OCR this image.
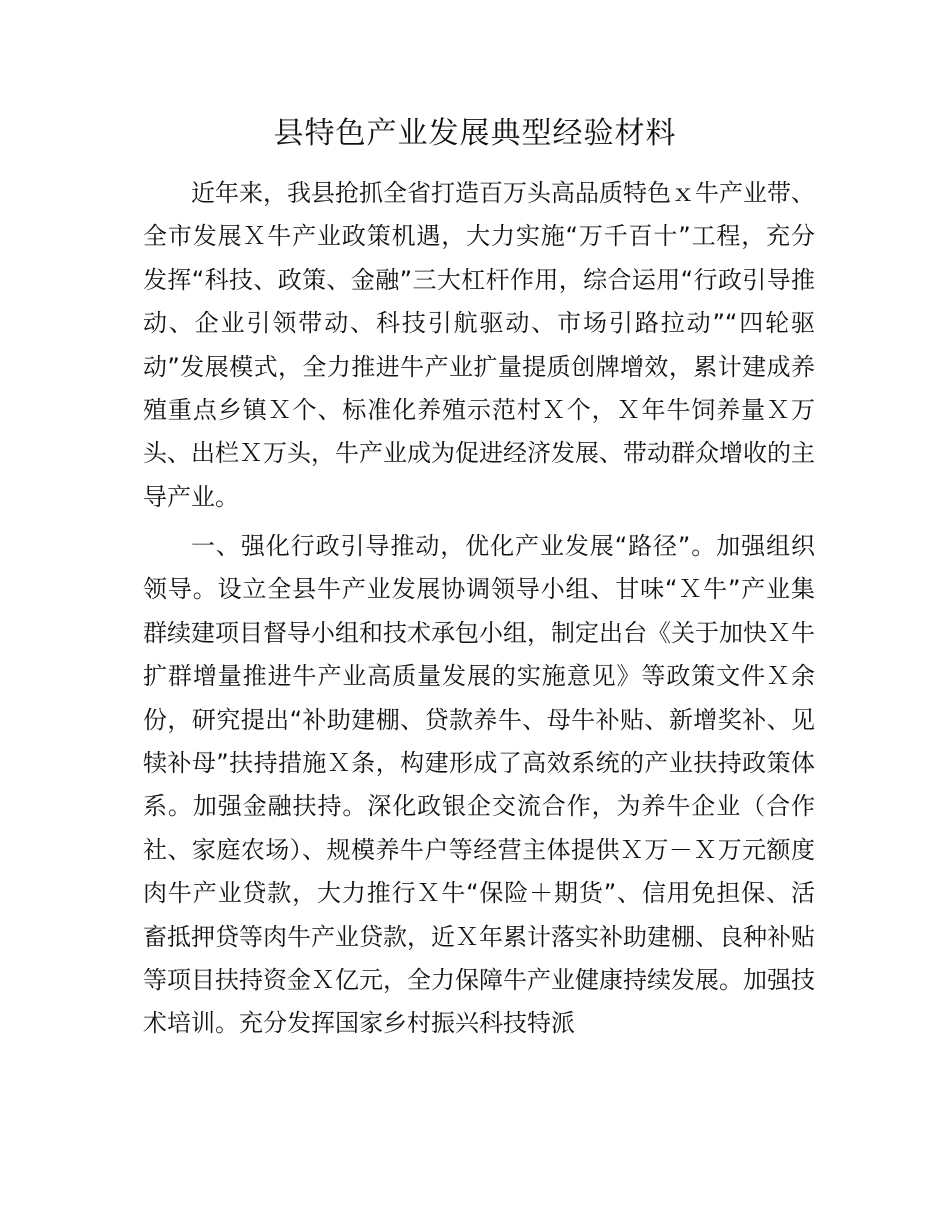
县特色产业发展典型经验材料

近年来，我县抢抓全省打造百万头高品质特色ｘ牛产业带、全市发展Ｘ牛产业政策机遇，大力实施“万千百十”工程，充分发挥“科技、政策、金融”三大杠杆作用，综合运用“行政引导推动、企业引领带动、科技引航驱动、市场引路拉动”“四轮驱动”发展模式，全力推进牛产业扩量提质创牌增效，累计建成养殖重点乡镇Ｘ个、标准化养殖示范村Ｘ个，Ｘ年牛饲养量Ｘ万头、出栏Ｘ万头，牛产业成为促进经济发展、带动群众增收的主导产业。

一、强化行政引导推动，优化产业发展“路径”。加强组织领导。设立全县牛产业发展协调领导小组、甘味“Ｘ牛”产业集群续建项目督导小组和技术承包小组，制定出台《关于加快Ｘ牛扩群增量推进牛产业高质量发展的实施意见》等政策文件Ｘ余份，研究提出“补助建棚、贷款养牛、母牛补贴、新增奖补、见犊补母”扶持措施Ｘ条，构建形成了高效系统的产业扶持政策体系。加强金融扶持。深化政银企交流合作，为养牛企业（合作社、家庭农场）、规模养牛户等经营主体提供Ｘ万－Ｘ万元额度肉牛产业贷款，大力推行Ｘ牛“保险＋期货”、信用免担保、活畜抵押贷等肉牛产业贷款，近Ｘ年累计落实补助建棚、良种补贴等项目扶持资金Ｘ亿元，全力保障牛产业健康持续发展。加强技术培训。充分发挥国家乡村振兴科技特派
